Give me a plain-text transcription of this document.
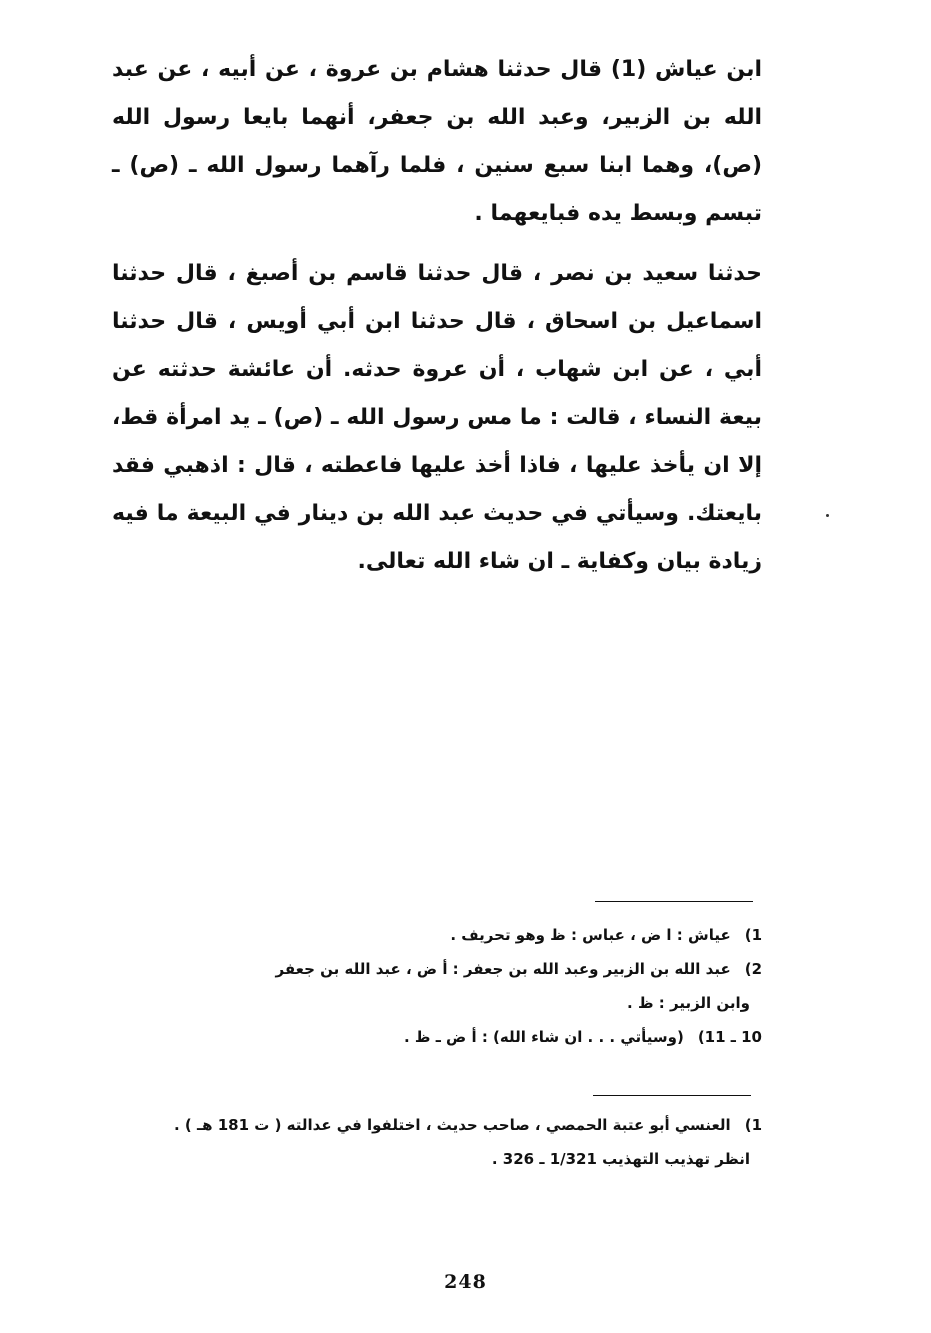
ابن عياش (1) قال حدثنا هشام بن عروة ، عن أبيه ، عن عبد الله بن الزبير، وعبد الله بن جعفر، أنهما بايعا رسول الله (ص)، وهما ابنا سبع سنين ، فلما رآهما رسول الله ـ (ص) ـ تبسم وبسط يده فبايعهما .
حدثنا سعيد بن نصر ، قال حدثنا قاسم بن أصبغ ، قال حدثنا اسماعيل بن اسحاق ، قال حدثنا ابن أبي أويس ، قال حدثنا أبي ، عن ابن شهاب ، أن عروة حدثه. أن عائشة حدثته عن بيعة النساء ، قالت : ما مس رسول الله ـ (ص) ـ يد امرأة قط، إلا ان يأخذ عليها ، فاذا أخذ عليها فاعطته ، قال : اذهبي فقد بايعتك. وسيأتي في حديث عبد الله بن دينار في البيعة ما فيه زيادة بيان وكفاية ـ ان شاء الله تعالى.
1)عياش : ا ض ، عباس : ظ وهو تحريف .
2)عبد الله بن الزبير وعبد الله بن جعفر : أ ض ، عبد الله بن جعفر
وابن الزبير : ظ .
10 ـ 11)(وسيأتي . . . ان شاء الله) : أ ض ـ ظ .
1)العنسي أبو عتبة الحمصي ، صاحب حديث ، اختلفوا في عدالته ( ت 181 هـ ) .
انظر تهذيب التهذيب 1/321 ـ 326 .
248
